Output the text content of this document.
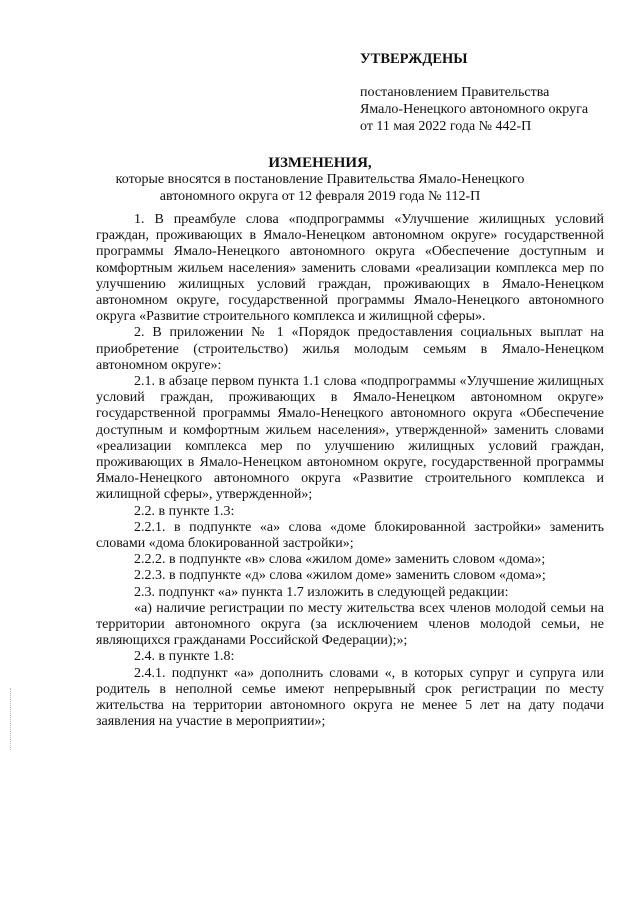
УТВЕРЖДЕНЫ
постановлением Правительства
Ямало-Ненецкого автономного округа
от 11 мая 2022 года № 442-П
ИЗМЕНЕНИЯ,
которые вносятся в постановление Правительства Ямало-Ненецкого
автономного округа от 12 февраля 2019 года № 112-П

1. В преамбуле слова «подпрограммы «Улучшение жилищных условий граждан, проживающих в Ямало-Ненецком автономном округе» государственной программы Ямало-Ненецкого автономного округа «Обеспечение доступным и комфортным жильем населения» заменить словами «реализации комплекса мер по улучшению жилищных условий граждан, проживающих в Ямало-Ненецком автономном округе, государственной программы Ямало-Ненецкого автономного округа «Развитие строительного комплекса и жилищной сферы».

2. В приложении № 1 «Порядок предоставления социальных выплат на приобретение (строительство) жилья молодым семьям в Ямало-Ненецком автономном округе»:

2.1. в абзаце первом пункта 1.1 слова «подпрограммы «Улучшение жилищных условий граждан, проживающих в Ямало-Ненецком автономном округе» государственной программы Ямало-Ненецкого автономного округа «Обеспечение доступным и комфортным жильем населения», утвержденной» заменить словами «реализации комплекса мер по улучшению жилищных условий граждан, проживающих в Ямало-Ненецком автономном округе, государственной программы Ямало-Ненецкого автономного округа «Развитие строительного комплекса и жилищной сферы», утвержденной»;

2.2. в пункте 1.3:

2.2.1. в подпункте «а» слова «доме блокированной застройки» заменить словами «дома блокированной застройки»;

2.2.2. в подпункте «в» слова «жилом доме» заменить словом «дома»;

2.2.3. в подпункте «д» слова «жилом доме» заменить словом «дома»;

2.3. подпункт «а» пункта 1.7 изложить в следующей редакции:

«а) наличие регистрации по месту жительства всех членов молодой семьи на территории автономного округа (за исключением членов молодой семьи, не являющихся гражданами Российской Федерации);»;

2.4. в пункте 1.8:

2.4.1. подпункт «а» дополнить словами «, в которых супруг и супруга или родитель в неполной семье имеют непрерывный срок регистрации по месту жительства на территории автономного округа не менее 5 лет на дату подачи заявления на участие в мероприятии»;
